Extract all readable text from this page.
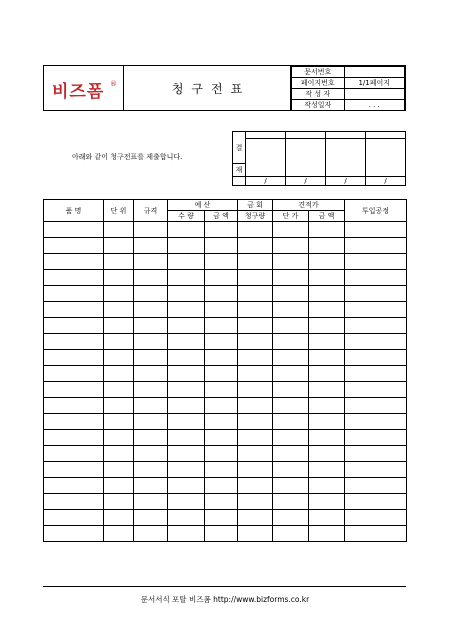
비즈폼 ®	청구전표
문서번호	
페이지번호	1/1페이지
작 성 자	
작성일자	. . .
결				

재				
	/	/	/	/
아래와 같이 청구전표를 제출합니다.
품 명	단 위	규격	예 산		금 회	견적가		투입공정
			수 량	금 액	청구량	단 가	금 액	

문서서식 포탈 비즈폼 http://www.bizforms.co.kr
